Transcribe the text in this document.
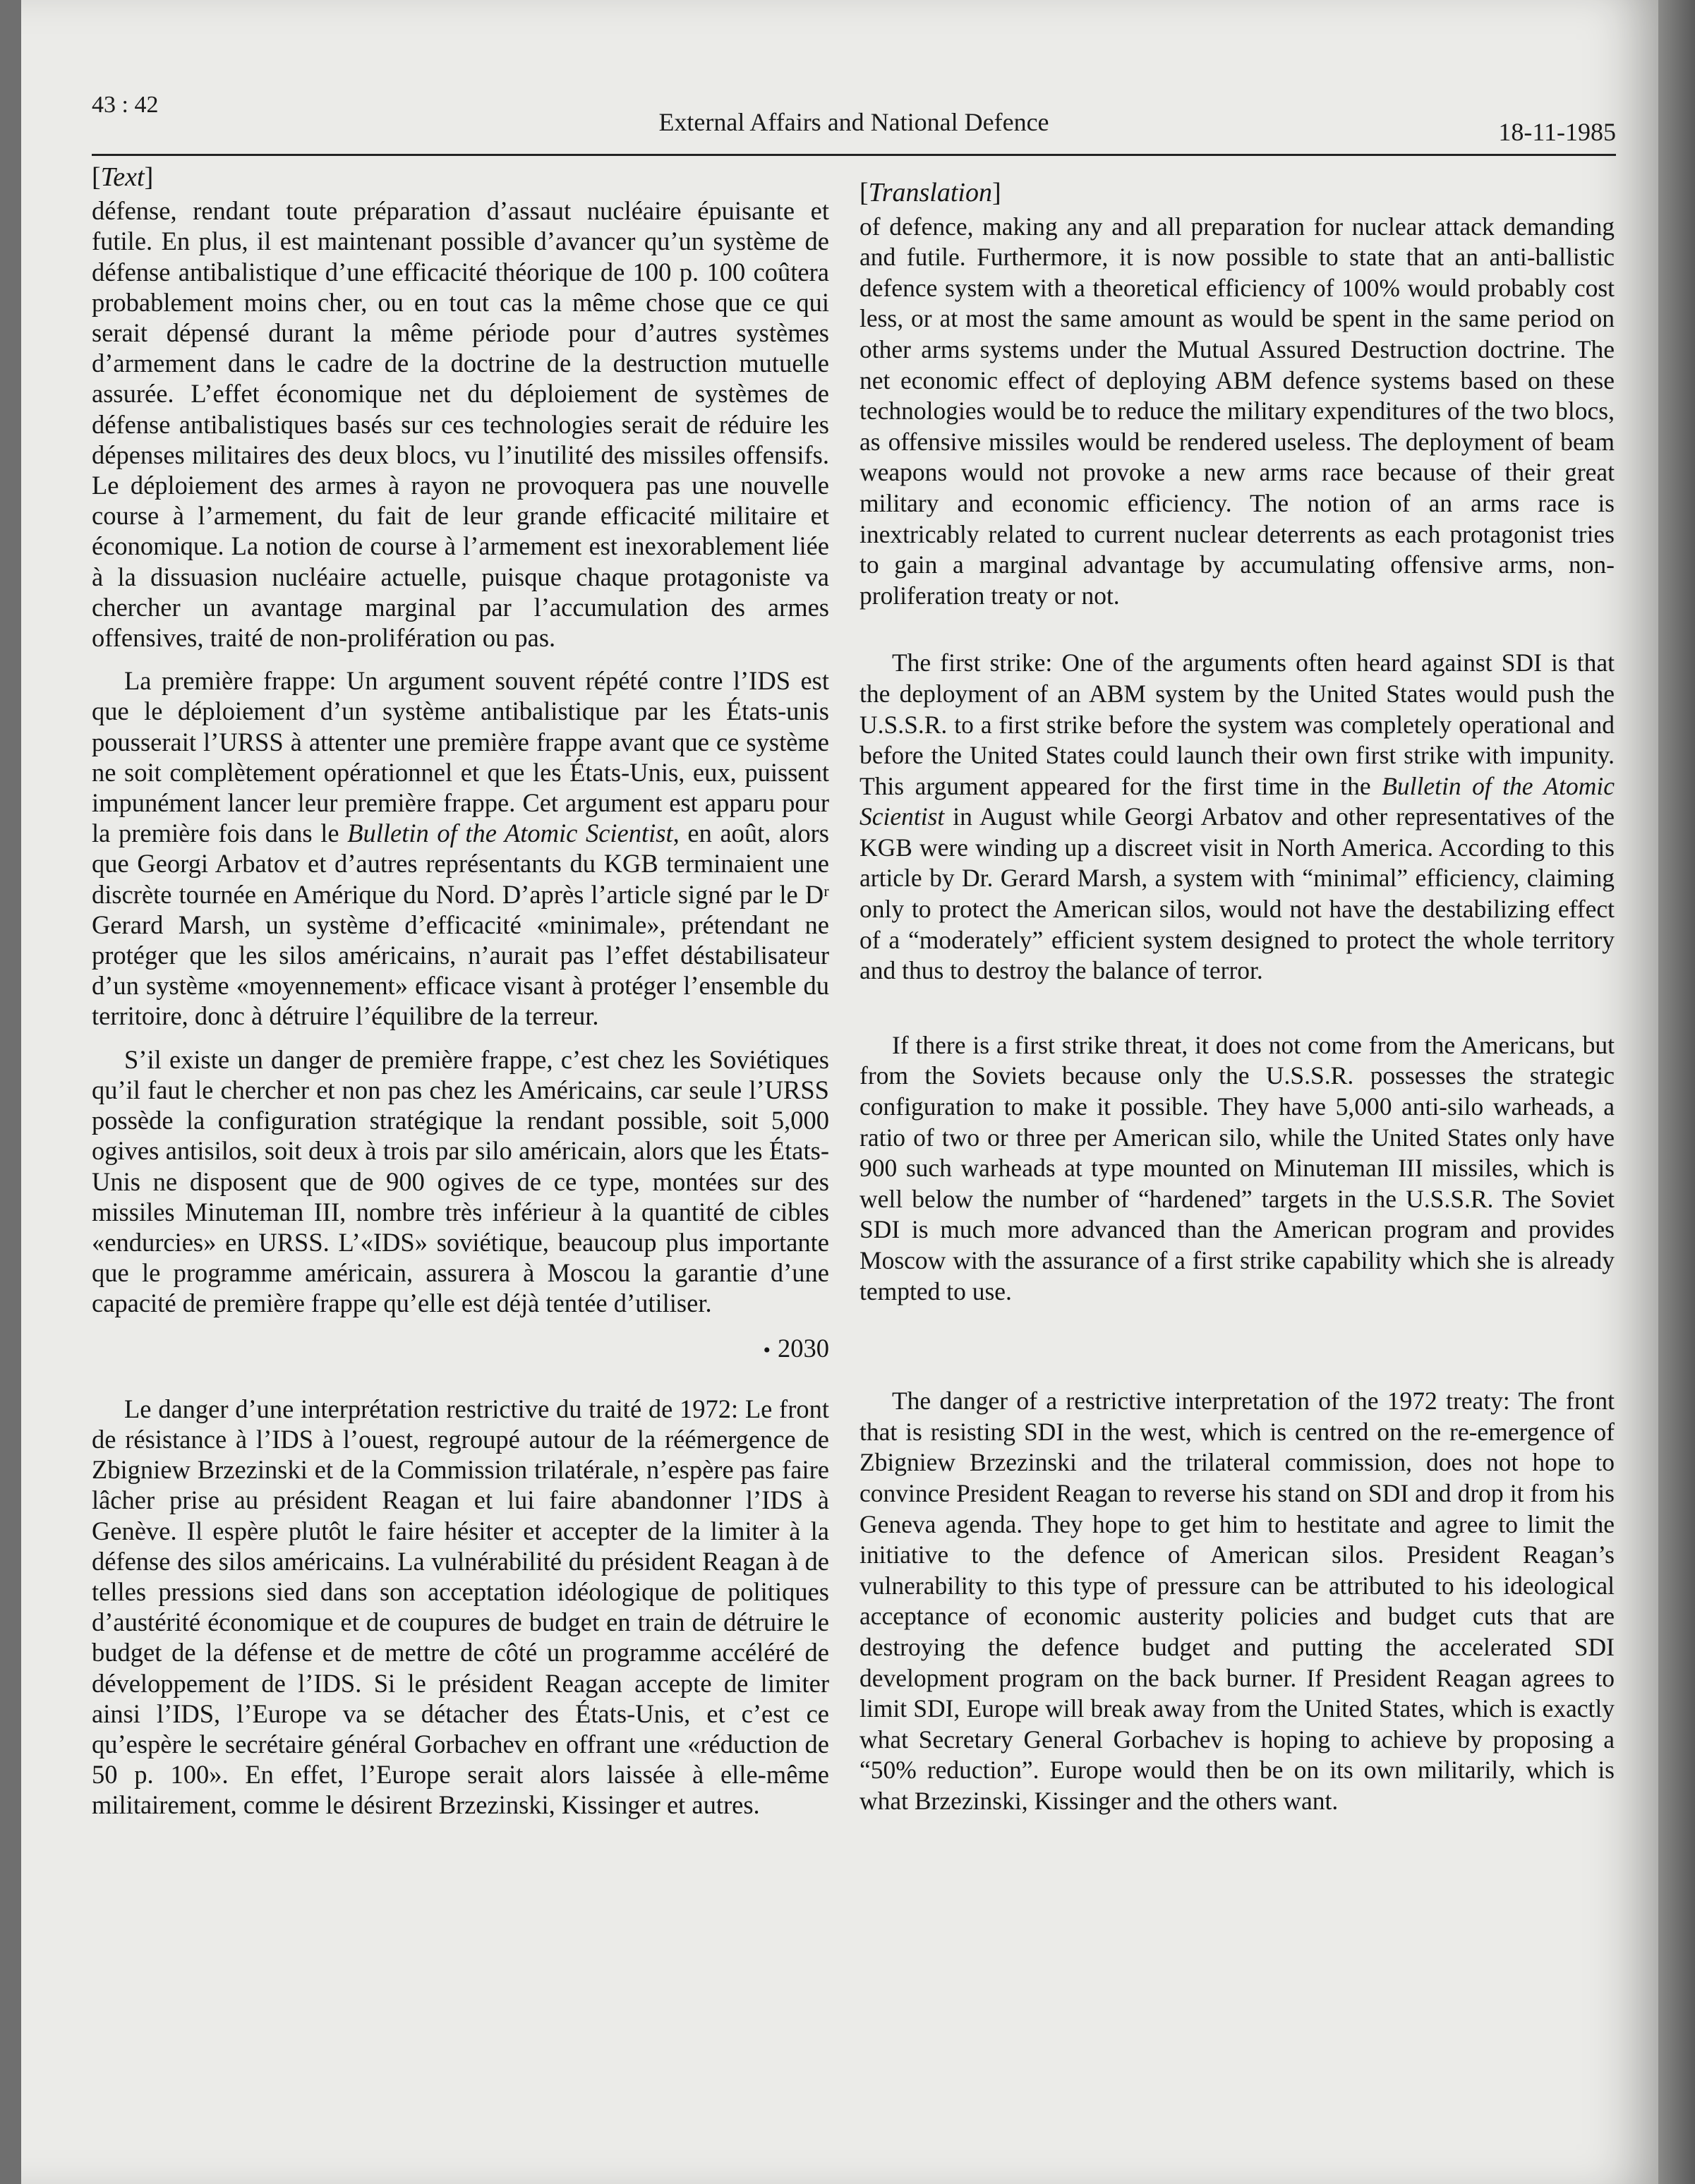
43 : 42
External Affairs and National Defence	18-11-1985

[Text]

défense, rendant toute préparation d’assaut nucléaire épuisante et futile. En plus, il est maintenant possible d’avancer qu’un système de défense antibalistique d’une efficacité théorique de 100 p. 100 coûtera probablement moins cher, ou en tout cas la même chose que ce qui serait dépensé durant la même période pour d’autres systèmes d’armement dans le cadre de la doctrine de la destruction mutuelle assurée. L’effet économique net du déploiement de systèmes de défense antibalistiques basés sur ces technologies serait de réduire les dépenses militaires des deux blocs, vu l’inutilité des missiles offensifs. Le déploiement des armes à rayon ne provoquera pas une nouvelle course à l’armement, du fait de leur grande efficacité militaire et économique. La notion de course à l’armement est inexorablement liée à la dissuasion nucléaire actuelle, puisque chaque protagoniste va chercher un avantage marginal par l’accumulation des armes offensives, traité de non-prolifération ou pas.

La première frappe: Un argument souvent répété contre l’IDS est que le déploiement d’un système antibalistique par les États-unis pousserait l’URSS à attenter une première frappe avant que ce système ne soit complètement opérationnel et que les États-Unis, eux, puissent impunément lancer leur première frappe. Cet argument est apparu pour la première fois dans le Bulletin of the Atomic Scientist, en août, alors que Georgi Arbatov et d’autres représentants du KGB terminaient une discrète tournée en Amérique du Nord. D’après l’article signé par le Dʳ Gerard Marsh, un système d’efficacité «minimale», prétendant ne protéger que les silos américains, n’aurait pas l’effet déstabilisateur d’un système «moyennement» efficace visant à protéger l’ensemble du territoire, donc à détruire l’équilibre de la terreur.

S’il existe un danger de première frappe, c’est chez les Soviétiques qu’il faut le chercher et non pas chez les Américains, car seule l’URSS possède la configuration stratégique la rendant possible, soit 5,000 ogives antisilos, soit deux à trois par silo américain, alors que les États-Unis ne disposent que de 900 ogives de ce type, montées sur des missiles Minuteman III, nombre très inférieur à la quantité de cibles «endurcies» en URSS. L’«IDS» soviétique, beaucoup plus importante que le programme américain, assurera à Moscou la garantie d’une capacité de première frappe qu’elle est déjà tentée d’utiliser.

• 2030

Le danger d’une interprétation restrictive du traité de 1972: Le front de résistance à l’IDS à l’ouest, regroupé autour de la réémergence de Zbigniew Brzezinski et de la Commission trilatérale, n’espère pas faire lâcher prise au président Reagan et lui faire abandonner l’IDS à Genève. Il espère plutôt le faire hésiter et accepter de la limiter à la défense des silos américains. La vulnérabilité du président Reagan à de telles pressions sied dans son acceptation idéologique de politiques d’austérité économique et de coupures de budget en train de détruire le budget de la défense et de mettre de côté un programme accéléré de développement de l’IDS. Si le président Reagan accepte de limiter ainsi l’IDS, l’Europe va se détacher des États-Unis, et c’est ce qu’espère le secrétaire général Gorbachev en offrant une «réduction de 50 p. 100». En effet, l’Europe serait alors laissée à elle-même militairement, comme le désirent Brzezinski, Kissinger et autres.

[Translation]

of defence, making any and all preparation for nuclear attack demanding and futile. Furthermore, it is now possible to state that an anti-ballistic defence system with a theoretical efficiency of 100% would probably cost less, or at most the same amount as would be spent in the same period on other arms systems under the Mutual Assured Destruction doctrine. The net economic effect of deploying ABM defence systems based on these technologies would be to reduce the military expenditures of the two blocs, as offensive missiles would be rendered useless. The deployment of beam weapons would not provoke a new arms race because of their great military and economic efficiency. The notion of an arms race is inextricably related to current nuclear deterrents as each protagonist tries to gain a marginal advantage by accumulating offensive arms, non-proliferation treaty or not.

The first strike: One of the arguments often heard against SDI is that the deployment of an ABM system by the United States would push the U.S.S.R. to a first strike before the system was completely operational and before the United States could launch their own first strike with impunity. This argument appeared for the first time in the Bulletin of the Atomic Scientist in August while Georgi Arbatov and other representatives of the KGB were winding up a discreet visit in North America. According to this article by Dr. Gerard Marsh, a system with “minimal” efficiency, claiming only to protect the American silos, would not have the destabilizing effect of a “moderately” efficient system designed to protect the whole territory and thus to destroy the balance of terror.

If there is a first strike threat, it does not come from the Americans, but from the Soviets because only the U.S.S.R. possesses the strategic configuration to make it possible. They have 5,000 anti-silo warheads, a ratio of two or three per American silo, while the United States only have 900 such warheads at type mounted on Minuteman III missiles, which is well below the number of “hardened” targets in the U.S.S.R. The Soviet SDI is much more advanced than the American program and provides Moscow with the assurance of a first strike capability which she is already tempted to use.

The danger of a restrictive interpretation of the 1972 treaty: The front that is resisting SDI in the west, which is centred on the re-emergence of Zbigniew Brzezinski and the trilateral commission, does not hope to convince President Reagan to reverse his stand on SDI and drop it from his Geneva agenda. They hope to get him to hestitate and agree to limit the initiative to the defence of American silos. President Reagan’s vulnerability to this type of pressure can be attributed to his ideological acceptance of economic austerity policies and budget cuts that are destroying the defence budget and putting the accelerated SDI development program on the back burner. If President Reagan agrees to limit SDI, Europe will break away from the United States, which is exactly what Secretary General Gorbachev is hoping to achieve by proposing a “50% reduction”. Europe would then be on its own militarily, which is what Brzezinski, Kissinger and the others want.
